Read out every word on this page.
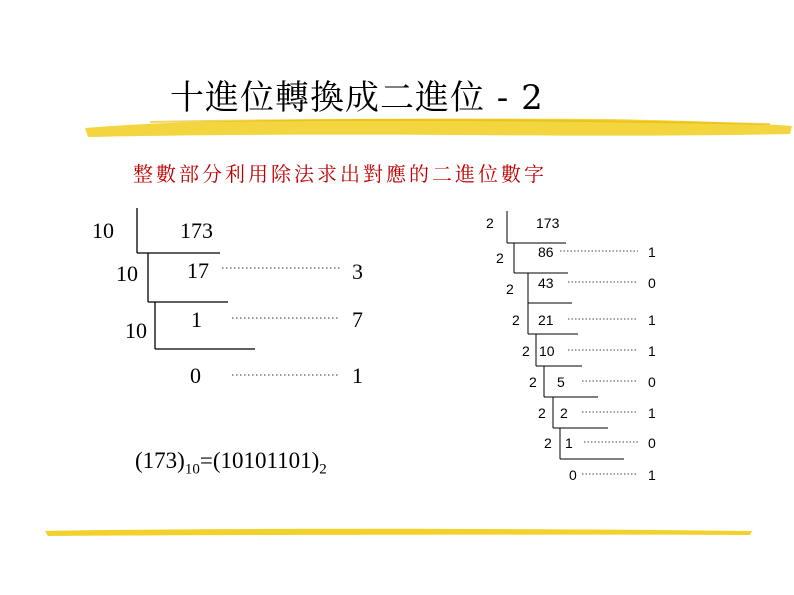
十進位轉換成二進位 - 2
整數部分利用除法求出對應的二進位數字
10	173
10 17	3
10 1	7
0	1
$(173)_{10}=(10101101)_2$
2	173
2 86	1
2 43	0
2 21	1
2 10	1
2 5	0
2 2	1
2 1	0
0	1
